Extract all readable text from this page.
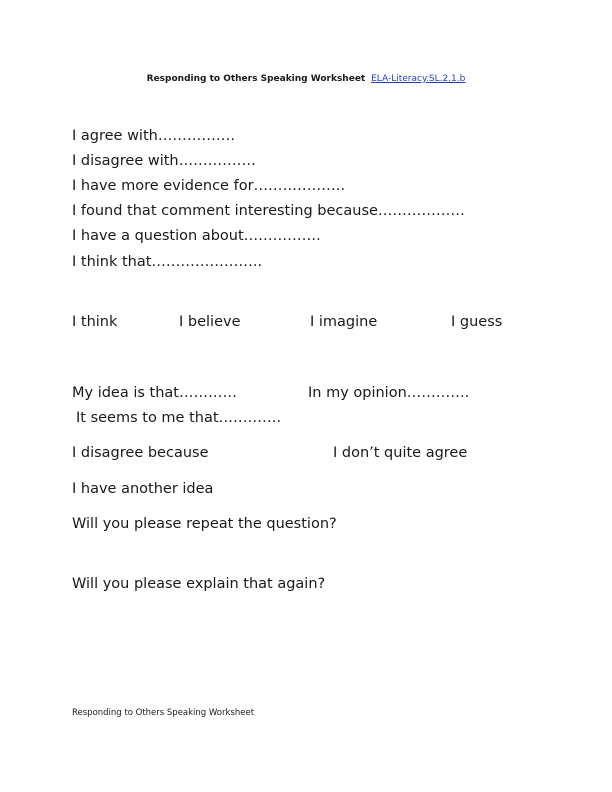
Responding to Others Speaking Worksheet ELA-Literacy.SL.2.1.b
I agree with…………….
I disagree with…………….
I have more evidence for……………….
I found that comment interesting because………………
I have a question about…………….
I think that…………………..
I think	I believe	I imagine	I guess
My idea is that…………	In my opinion………….
It seems to me that………….
I disagree because	I don’t quite agree
I have another idea
Will you please repeat the question?
Will you please explain that again?
Responding to Others Speaking Worksheet
